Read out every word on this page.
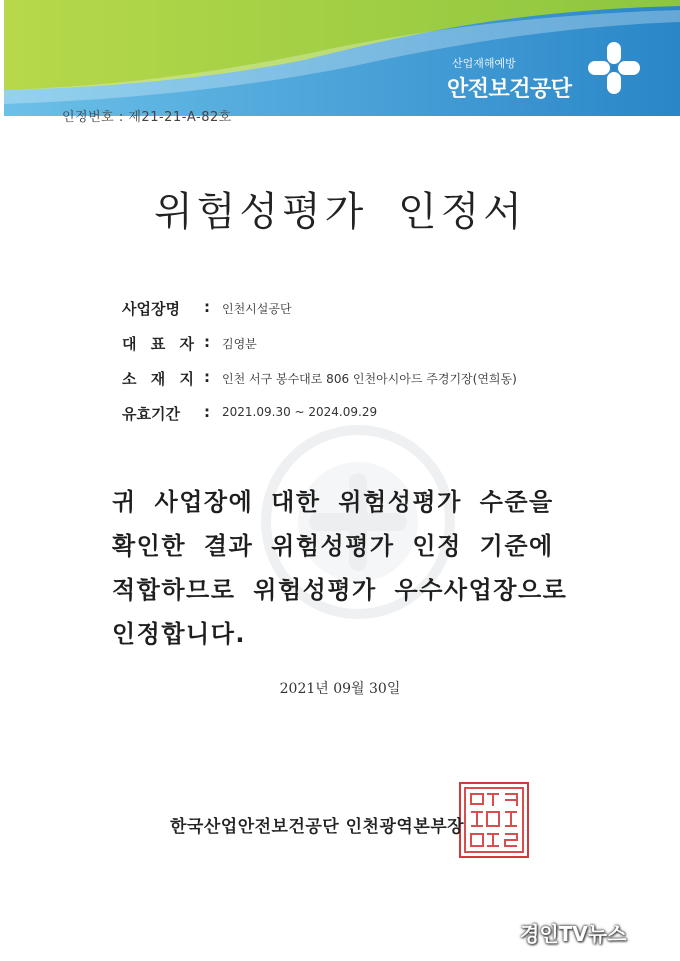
산업재해예방
안전보건공단
인정번호 : 제21-21-A-82호
위험성평가 인정서
사업장명	: 인천시설공단
대 표 자 : 김영분
소 재 지 : 인천 서구 봉수대로 806 인천아시아드 주경기장(연희동)
유효기간	: 2021.09.30 ~ 2024.09.29
귀 사업장에 대한 위험성평가 수준을
확인한 결과 위험성평가 인정 기준에
적합하므로 위험성평가 우수사업장으로
인정합니다.
2021년 09월 30일
한국산업안전보건공단 인천광역본부장
경인TV뉴스
